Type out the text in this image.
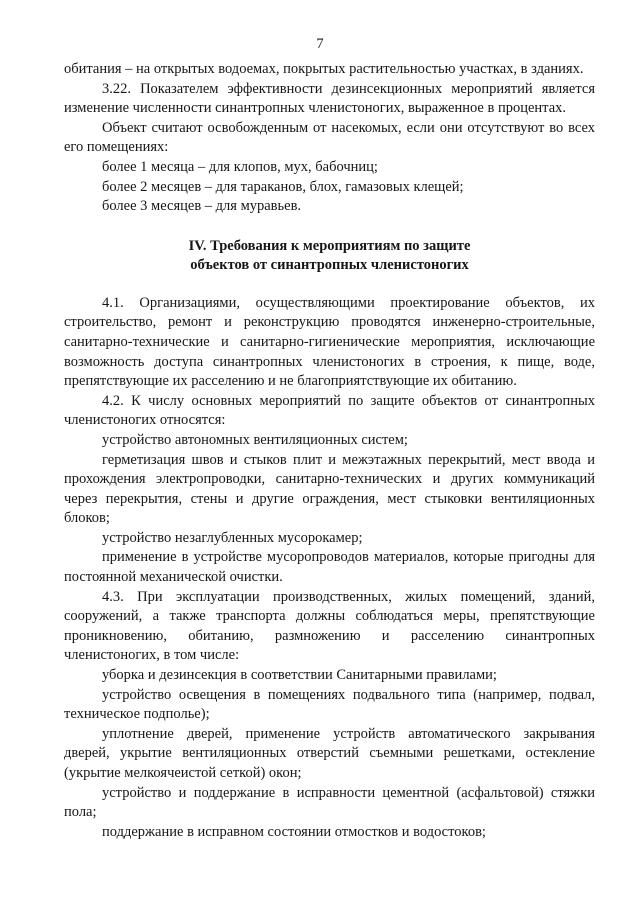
7

обитания – на открытых водоемах, покрытых растительностью участках, в зданиях.

3.22. Показателем эффективности дезинсекционных мероприятий является изменение численности синантропных членистоногих, выраженное в процентах.

Объект считают освобожденным от насекомых, если они отсутствуют во всех его помещениях:

более 1 месяца – для клопов, мух, бабочниц;

более 2 месяцев – для тараканов, блох, гамазовых клещей;

более 3 месяцев – для муравьев.

IV. Требования к мероприятиям по защите
объектов от синантропных членистоногих

4.1. Организациями, осуществляющими проектирование объектов, их строительство, ремонт и реконструкцию проводятся инженерно-строительные, санитарно-технические и санитарно-гигиенические мероприятия, исключающие возможность доступа синантропных членистоногих в строения, к пище, воде, препятствующие их расселению и не благоприятствующие их обитанию.

4.2. К числу основных мероприятий по защите объектов от синантропных членистоногих относятся:

устройство автономных вентиляционных систем;

герметизация швов и стыков плит и межэтажных перекрытий, мест ввода и прохождения электропроводки, санитарно-технических и других коммуникаций через перекрытия, стены и другие ограждения, мест стыковки вентиляционных блоков;

устройство незаглубленных мусорокамер;

применение в устройстве мусоропроводов материалов, которые пригодны для постоянной механической очистки.

4.3. При эксплуатации производственных, жилых помещений, зданий, сооружений, а также транспорта должны соблюдаться меры, препятствующие проникновению, обитанию, размножению и расселению синантропных членистоногих, в том числе:

уборка и дезинсекция в соответствии Санитарными правилами;

устройство освещения в помещениях подвального типа (например, подвал, техническое подполье);

уплотнение дверей, применение устройств автоматического закрывания дверей, укрытие вентиляционных отверстий съемными решетками, остекление (укрытие мелкоячеистой сеткой) окон;

устройство и поддержание в исправности цементной (асфальтовой) стяжки пола;

поддержание в исправном состоянии отмостков и водостоков;
